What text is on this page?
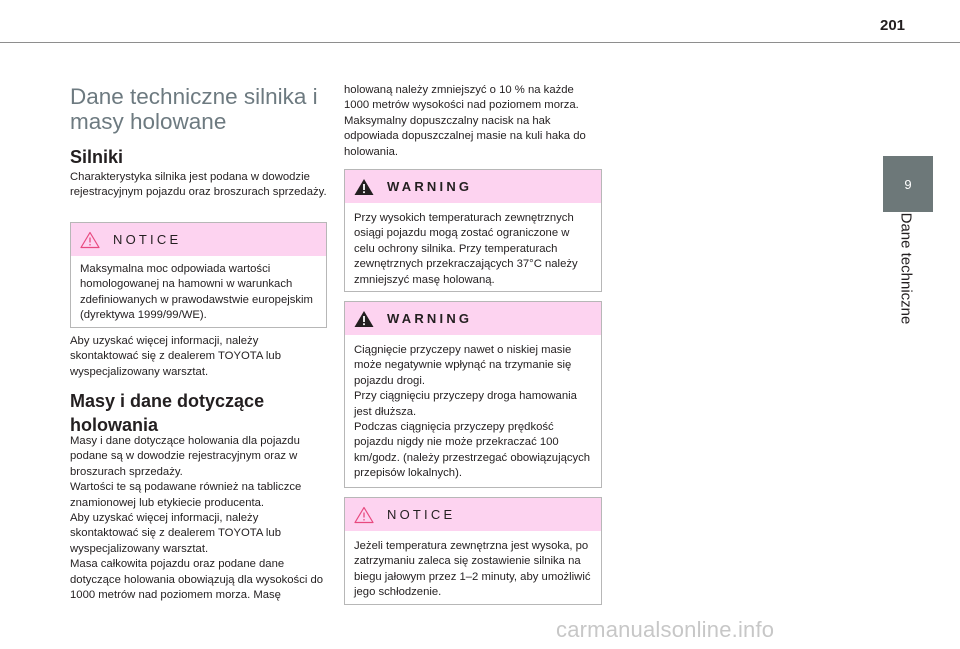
201
9
Dane techniczne
Dane techniczne silnika i masy holowane
Silniki

Charakterystyka silnika jest podana w dowodzie rejestracyjnym pojazdu oraz broszurach sprzedaży.

NOTICE
Maksymalna moc odpowiada wartości homologowanej na hamowni w warunkach zdefiniowanych w prawodawstwie europejskim (dyrektywa 1999/99/WE).

Aby uzyskać więcej informacji, należy skontaktować się z dealerem TOYOTA lub wyspecjalizowany warsztat.

Masy i dane dotyczące holowania

Masy i dane dotyczące holowania dla pojazdu podane są w dowodzie rejestracyjnym oraz w broszurach sprzedaży.
Wartości te są podawane również na tabliczce znamionowej lub etykiecie producenta.
Aby uzyskać więcej informacji, należy skontaktować się z dealerem TOYOTA lub wyspecjalizowany warsztat.
Masa całkowita pojazdu oraz podane dane dotyczące holowania obowiązują dla wysokości do 1000 metrów nad poziomem morza. Masę

holowaną należy zmniejszyć o 10 % na każde 1000 metrów wysokości nad poziomem morza.
Maksymalny dopuszczalny nacisk na hak odpowiada dopuszczalnej masie na kuli haka do holowania.

WARNING
Przy wysokich temperaturach zewnętrznych osiągi pojazdu mogą zostać ograniczone w celu ochrony silnika. Przy temperaturach zewnętrznych przekraczających 37°C należy zmniejszyć masę holowaną.
WARNING
Ciągnięcie przyczepy nawet o niskiej masie może negatywnie wpłynąć na trzymanie się pojazdu drogi.
Przy ciągnięciu przyczepy droga hamowania jest dłuższa.
Podczas ciągnięcia przyczepy prędkość pojazdu nigdy nie może przekraczać 100 km/godz. (należy przestrzegać obowiązujących przepisów lokalnych).
NOTICE
Jeżeli temperatura zewnętrzna jest wysoka, po zatrzymaniu zaleca się zostawienie silnika na biegu jałowym przez 1–2 minuty, aby umożliwić jego schłodzenie.
carmanualsonline.info
